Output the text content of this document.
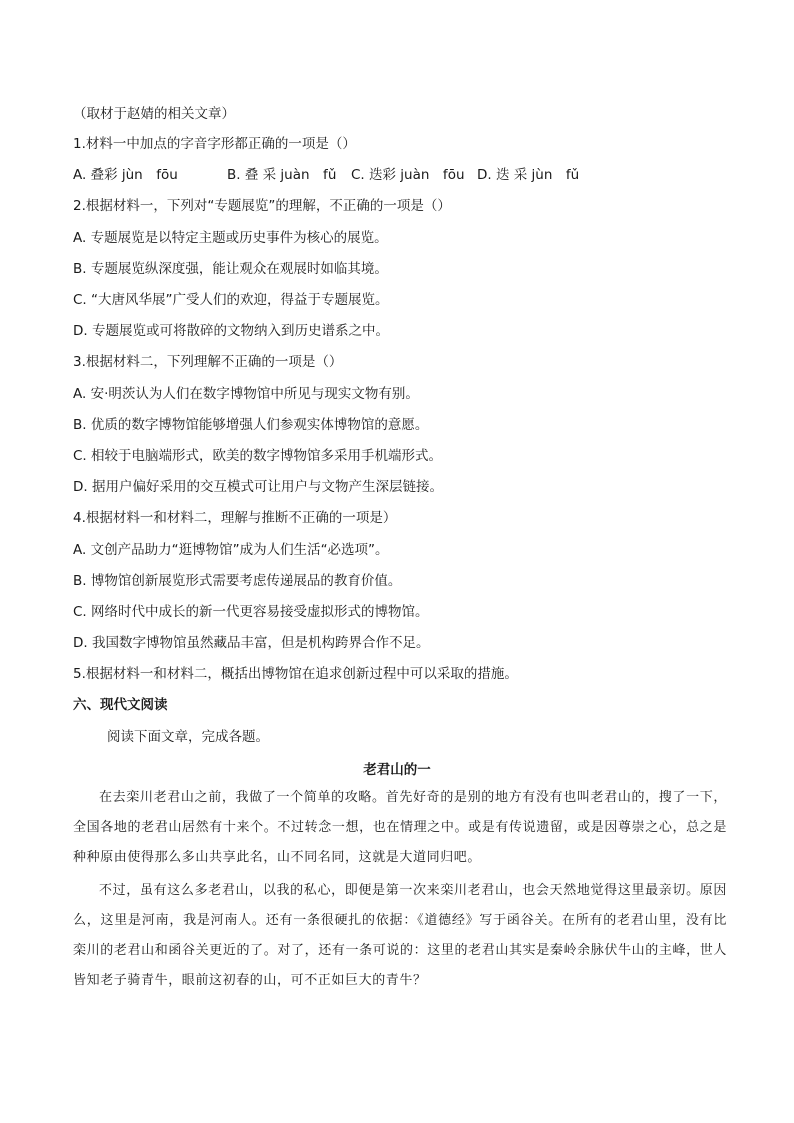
（取材于赵婧的相关文章）
1.材料一中加点的字音字形都正确的一项是（）
A. 叠彩 jùn　fōu	B. 叠 采 juàn　fǔ	C. 迭彩 juàn　fōu D. 迭 采 jùn　fǔ
2.根据材料一，下列对“专题展览”的理解，不正确的一项是（）
A. 专题展览是以特定主题或历史事件为核心的展览。
B. 专题展览纵深度强，能让观众在观展时如临其境。
C. “大唐风华展”广受人们的欢迎，得益于专题展览。
D. 专题展览或可将散碎的文物纳入到历史谱系之中。
3.根据材料二，下列理解不正确的一项是（）
A. 安·明茨认为人们在数字博物馆中所见与现实文物有别。
B. 优质的数字博物馆能够增强人们参观实体博物馆的意愿。
C. 相较于电脑端形式，欧美的数字博物馆多采用手机端形式。
D. 据用户偏好采用的交互模式可让用户与文物产生深层链接。
4.根据材料一和材料二，理解与推断不正确的一项是）
A. 文创产品助力“逛博物馆”成为人们生活“必选项”。
B. 博物馆创新展览形式需要考虑传递展品的教育价值。
C. 网络时代中成长的新一代更容易接受虚拟形式的博物馆。
D. 我国数字博物馆虽然藏品丰富，但是机构跨界合作不足。
5.根据材料一和材料二，概括出博物馆在追求创新过程中可以采取的措施。
六、现代文阅读
阅读下面文章，完成各题。
老君山的一

在去栾川老君山之前，我做了一个简单的攻略。首先好奇的是别的地方有没有也叫老君山的，搜了一下，全国各地的老君山居然有十来个。不过转念一想，也在情理之中。或是有传说遗留，或是因尊崇之心，总之是种种原由使得那么多山共享此名，山不同名同，这就是大道同归吧。

不过，虽有这么多老君山，以我的私心，即便是第一次来栾川老君山，也会天然地觉得这里最亲切。原因么，这里是河南，我是河南人。还有一条很硬扎的依据：《道德经》写于函谷关。在所有的老君山里，没有比栾川的老君山和函谷关更近的了。对了，还有一条可说的：这里的老君山其实是秦岭余脉伏牛山的主峰，世人皆知老子骑青牛，眼前这初春的山，可不正如巨大的青牛？
